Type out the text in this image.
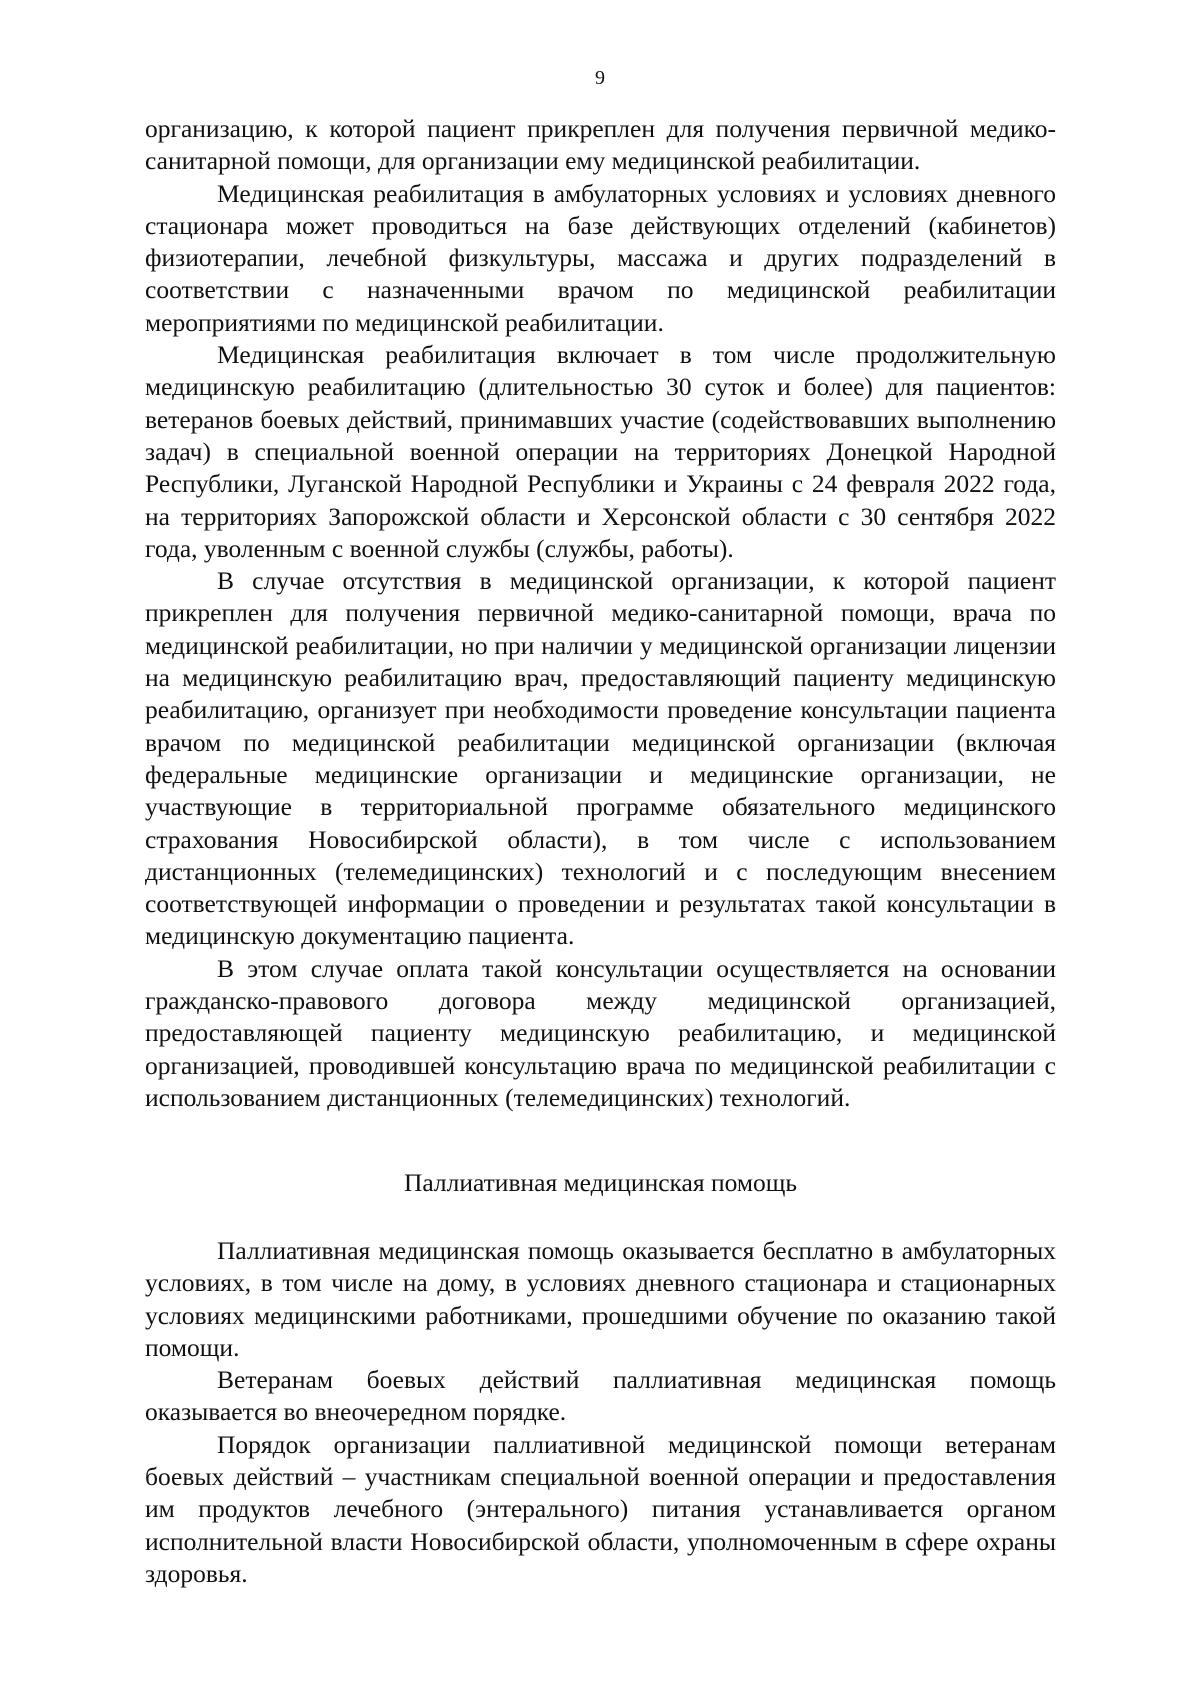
9

организацию, к которой пациент прикреплен для получения первичной медико-санитарной помощи, для организации ему медицинской реабилитации.

Медицинская реабилитация в амбулаторных условиях и условиях дневного стационара может проводиться на базе действующих отделений (кабинетов) физиотерапии, лечебной физкультуры, массажа и других подразделений в соответствии с назначенными врачом по медицинской реабилитации мероприятиями по медицинской реабилитации.

Медицинская реабилитация включает в том числе продолжительную медицинскую реабилитацию (длительностью 30 суток и более) для пациентов: ветеранов боевых действий, принимавших участие (содействовавших выполнению задач) в специальной военной операции на территориях Донецкой Народной Республики, Луганской Народной Республики и Украины с 24 февраля 2022 года, на территориях Запорожской области и Херсонской области с 30 сентября 2022 года, уволенным с военной службы (службы, работы).

В случае отсутствия в медицинской организации, к которой пациент прикреплен для получения первичной медико-санитарной помощи, врача по медицинской реабилитации, но при наличии у медицинской организации лицензии на медицинскую реабилитацию врач, предоставляющий пациенту медицинскую реабилитацию, организует при необходимости проведение консультации пациента врачом по медицинской реабилитации медицинской организации (включая федеральные медицинские организации и медицинские организации, не участвующие в территориальной программе обязательного медицинского страхования Новосибирской области), в том числе с использованием дистанционных (телемедицинских) технологий и с последующим внесением соответствующей информации о проведении и результатах такой консультации в медицинскую документацию пациента.

В этом случае оплата такой консультации осуществляется на основании гражданско-правового договора между медицинской организацией, предоставляющей пациенту медицинскую реабилитацию, и медицинской организацией, проводившей консультацию врача по медицинской реабилитации с использованием дистанционных (телемедицинских) технологий.

Паллиативная медицинская помощь

Паллиативная медицинская помощь оказывается бесплатно в амбулаторных условиях, в том числе на дому, в условиях дневного стационара и стационарных условиях медицинскими работниками, прошедшими обучение по оказанию такой помощи.

Ветеранам боевых действий паллиативная медицинская помощь оказывается во внеочередном порядке.

Порядок организации паллиативной медицинской помощи ветеранам боевых действий – участникам специальной военной операции и предоставления им продуктов лечебного (энтерального) питания устанавливается органом исполнительной власти Новосибирской области, уполномоченным в сфере охраны здоровья.
